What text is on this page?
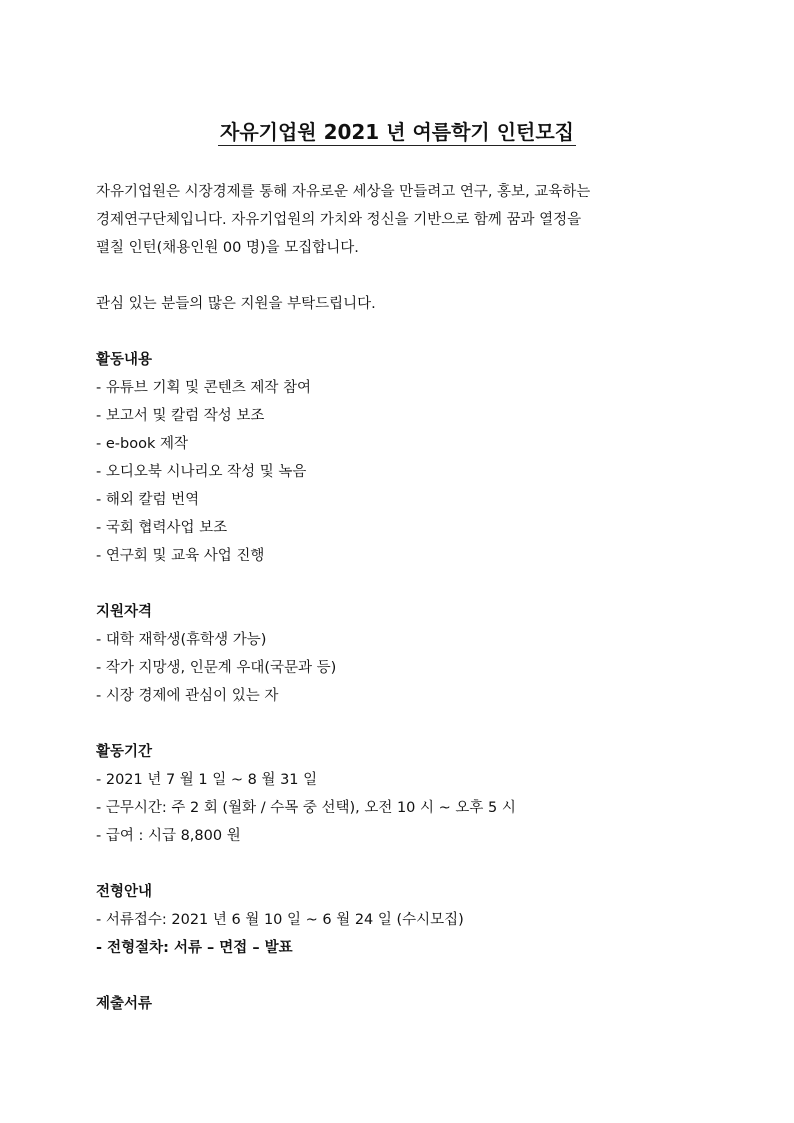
자유기업원 2021 년 여름학기 인턴모집

자유기업원은 시장경제를 통해 자유로운 세상을 만들려고 연구, 홍보, 교육하는
경제연구단체입니다. 자유기업원의 가치와 정신을 기반으로 함께 꿈과 열정을
펼칠 인턴(채용인원 00 명)을 모집합니다.

관심 있는 분들의 많은 지원을 부탁드립니다.

활동내용

- 유튜브 기획 및 콘텐츠 제작 참여

- 보고서 및 칼럼 작성 보조

- e-book 제작

- 오디오북 시나리오 작성 및 녹음

- 해외 칼럼 번역

- 국회 협력사업 보조

- 연구회 및 교육 사업 진행

지원자격

- 대학 재학생(휴학생 가능)

- 작가 지망생, 인문계 우대(국문과 등)

- 시장 경제에 관심이 있는 자

활동기간

- 2021 년 7 월 1 일 ~ 8 월 31 일

- 근무시간: 주 2 회 (월화 / 수목 중 선택), 오전 10 시 ~ 오후 5 시

- 급여 : 시급 8,800 원

전형안내

- 서류접수: 2021 년 6 월 10 일 ~ 6 월 24 일 (수시모집)

- 전형절차: 서류 – 면접 – 발표

제출서류
